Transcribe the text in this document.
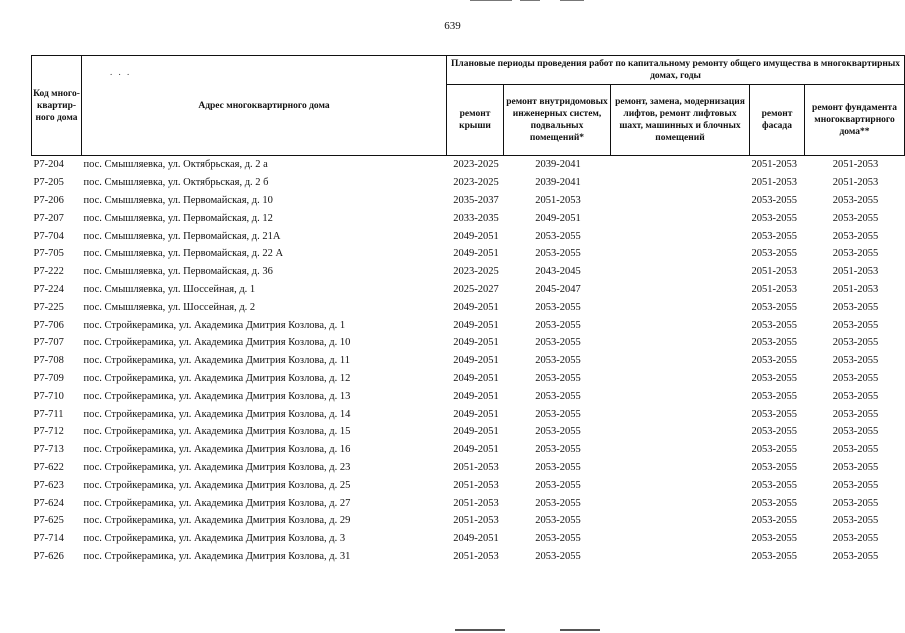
639
. . .
Код много-квартир-ного дома	Адрес многоквартирного дома	Плановые периоды проведения работ по капитальному ремонту общего имущества в многоквартирных домах, годы				
		ремонт крыши	ремонт внутридомовых инженерных систем, подвальных помещений*	ремонт, замена, модернизация лифтов, ремонт лифтовых шахт, машинных и блочных помещений	ремонт фасада	ремонт фундамента многоквартирного дома**
Р7-204	пос. Смышляевка, ул. Октябрьская, д. 2 а	2023-2025	2039-2041		2051-2053	2051-2053
Р7-205	пос. Смышляевка, ул. Октябрьская, д. 2 б	2023-2025	2039-2041		2051-2053	2051-2053
Р7-206	пос. Смышляевка, ул. Первомайская, д. 10	2035-2037	2051-2053		2053-2055	2053-2055
Р7-207	пос. Смышляевка, ул. Первомайская, д. 12	2033-2035	2049-2051		2053-2055	2053-2055
Р7-704	пос. Смышляевка, ул. Первомайская, д. 21А	2049-2051	2053-2055		2053-2055	2053-2055
Р7-705	пос. Смышляевка, ул. Первомайская, д. 22 А	2049-2051	2053-2055		2053-2055	2053-2055
Р7-222	пос. Смышляевка, ул. Первомайская, д. 36	2023-2025	2043-2045		2051-2053	2051-2053
Р7-224	пос. Смышляевка, ул. Шоссейная, д. 1	2025-2027	2045-2047		2051-2053	2051-2053
Р7-225	пос. Смышляевка, ул. Шоссейная, д. 2	2049-2051	2053-2055		2053-2055	2053-2055
Р7-706	пос. Стройкерамика, ул. Академика Дмитрия Козлова, д. 1	2049-2051	2053-2055		2053-2055	2053-2055
Р7-707	пос. Стройкерамика, ул. Академика Дмитрия Козлова, д. 10	2049-2051	2053-2055		2053-2055	2053-2055
Р7-708	пос. Стройкерамика, ул. Академика Дмитрия Козлова, д. 11	2049-2051	2053-2055		2053-2055	2053-2055
Р7-709	пос. Стройкерамика, ул. Академика Дмитрия Козлова, д. 12	2049-2051	2053-2055		2053-2055	2053-2055
Р7-710	пос. Стройкерамика, ул. Академика Дмитрия Козлова, д. 13	2049-2051	2053-2055		2053-2055	2053-2055
Р7-711	пос. Стройкерамика, ул. Академика Дмитрия Козлова, д. 14	2049-2051	2053-2055		2053-2055	2053-2055
Р7-712	пос. Стройкерамика, ул. Академика Дмитрия Козлова, д. 15	2049-2051	2053-2055		2053-2055	2053-2055
Р7-713	пос. Стройкерамика, ул. Академика Дмитрия Козлова, д. 16	2049-2051	2053-2055		2053-2055	2053-2055
Р7-622	пос. Стройкерамика, ул. Академика Дмитрия Козлова, д. 23	2051-2053	2053-2055		2053-2055	2053-2055
Р7-623	пос. Стройкерамика, ул. Академика Дмитрия Козлова, д. 25	2051-2053	2053-2055		2053-2055	2053-2055
Р7-624	пос. Стройкерамика, ул. Академика Дмитрия Козлова, д. 27	2051-2053	2053-2055		2053-2055	2053-2055
Р7-625	пос. Стройкерамика, ул. Академика Дмитрия Козлова, д. 29	2051-2053	2053-2055		2053-2055	2053-2055
Р7-714	пос. Стройкерамика, ул. Академика Дмитрия Козлова, д. 3	2049-2051	2053-2055		2053-2055	2053-2055
Р7-626	пос. Стройкерамика, ул. Академика Дмитрия Козлова, д. 31	2051-2053	2053-2055		2053-2055	2053-2055
